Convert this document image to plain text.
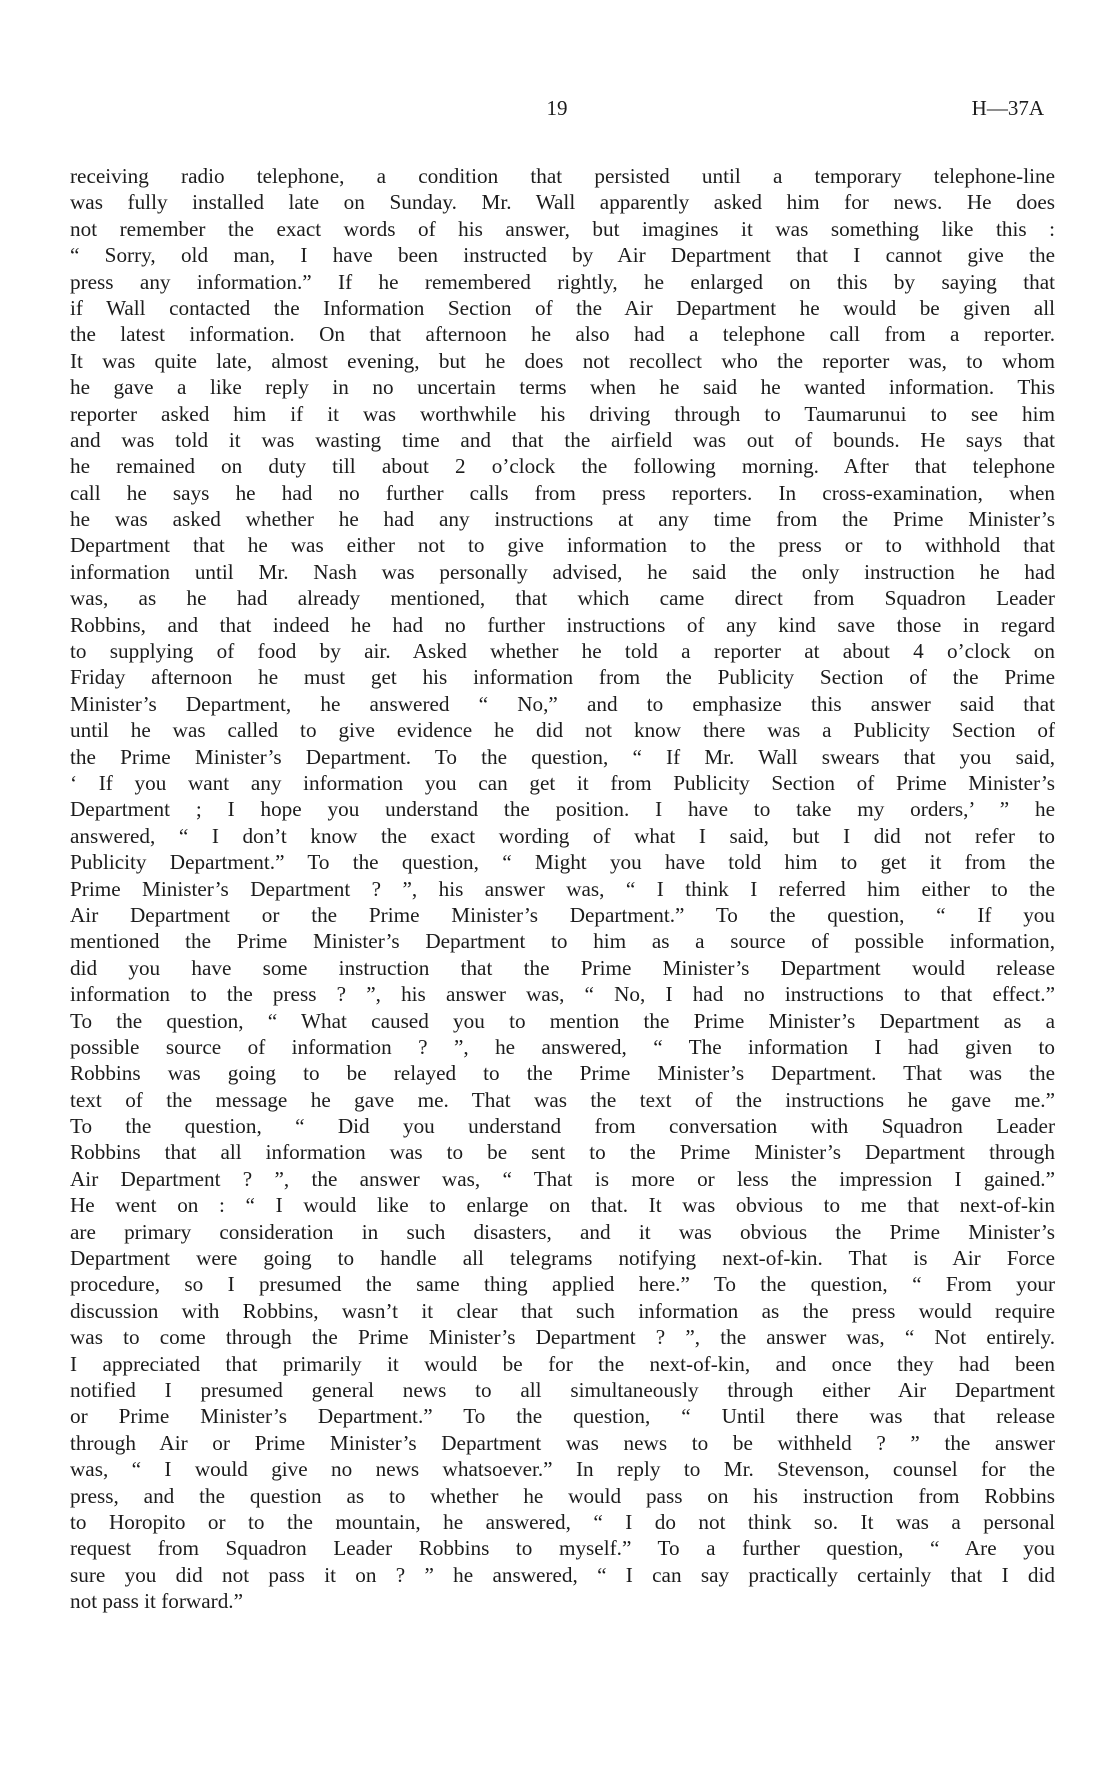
19	H—37A
receiving radio telephone, a condition that persisted until a temporary telephone-line
was fully installed late on Sunday. Mr. Wall apparently asked him for news. He does
not remember the exact words of his answer, but imagines it was something like this :
“ Sorry, old man, I have been instructed by Air Department that I cannot give the
press any information.” If he remembered rightly, he enlarged on this by saying that
if Wall contacted the Information Section of the Air Department he would be given all
the latest information. On that afternoon he also had a telephone call from a reporter.
It was quite late, almost evening, but he does not recollect who the reporter was, to whom
he gave a like reply in no uncertain terms when he said he wanted information. This
reporter asked him if it was worthwhile his driving through to Taumarunui to see him
and was told it was wasting time and that the airfield was out of bounds. He says that
he remained on duty till about 2 o’clock the following morning. After that telephone
call he says he had no further calls from press reporters. In cross-examination, when
he was asked whether he had any instructions at any time from the Prime Minister’s
Department that he was either not to give information to the press or to withhold that
information until Mr. Nash was personally advised, he said the only instruction he had
was, as he had already mentioned, that which came direct from Squadron Leader
Robbins, and that indeed he had no further instructions of any kind save those in regard
to supplying of food by air. Asked whether he told a reporter at about 4 o’clock on
Friday afternoon he must get his information from the Publicity Section of the Prime
Minister’s Department, he answered “ No,” and to emphasize this answer said that
until he was called to give evidence he did not know there was a Publicity Section of
the Prime Minister’s Department. To the question, “ If Mr. Wall swears that you said,
‘ If you want any information you can get it from Publicity Section of Prime Minister’s
Department ; I hope you understand the position. I have to take my orders,’ ” he
answered, “ I don’t know the exact wording of what I said, but I did not refer to
Publicity Department.” To the question, “ Might you have told him to get it from the
Prime Minister’s Department ? ”, his answer was, “ I think I referred him either to the
Air Department or the Prime Minister’s Department.” To the question, “ If you
mentioned the Prime Minister’s Department to him as a source of possible information,
did you have some instruction that the Prime Minister’s Department would release
information to the press ? ”, his answer was, “ No, I had no instructions to that effect.”
To the question, “ What caused you to mention the Prime Minister’s Department as a
possible source of information ? ”, he answered, “ The information I had given to
Robbins was going to be relayed to the Prime Minister’s Department. That was the
text of the message he gave me. That was the text of the instructions he gave me.”
To the question, “ Did you understand from conversation with Squadron Leader
Robbins that all information was to be sent to the Prime Minister’s Department through
Air Department ? ”, the answer was, “ That is more or less the impression I gained.”
He went on : “ I would like to enlarge on that. It was obvious to me that next-of-kin
are primary consideration in such disasters, and it was obvious the Prime Minister’s
Department were going to handle all telegrams notifying next-of-kin. That is Air Force
procedure, so I presumed the same thing applied here.” To the question, “ From your
discussion with Robbins, wasn’t it clear that such information as the press would require
was to come through the Prime Minister’s Department ? ”, the answer was, “ Not entirely.
I appreciated that primarily it would be for the next-of-kin, and once they had been
notified I presumed general news to all simultaneously through either Air Department
or Prime Minister’s Department.” To the question, “ Until there was that release
through Air or Prime Minister’s Department was news to be withheld ? ” the answer
was, “ I would give no news whatsoever.” In reply to Mr. Stevenson, counsel for the
press, and the question as to whether he would pass on his instruction from Robbins
to Horopito or to the mountain, he answered, “ I do not think so. It was a personal
request from Squadron Leader Robbins to myself.” To a further question, “ Are you
sure you did not pass it on ? ” he answered, “ I can say practically certainly that I did
not pass it forward.”
